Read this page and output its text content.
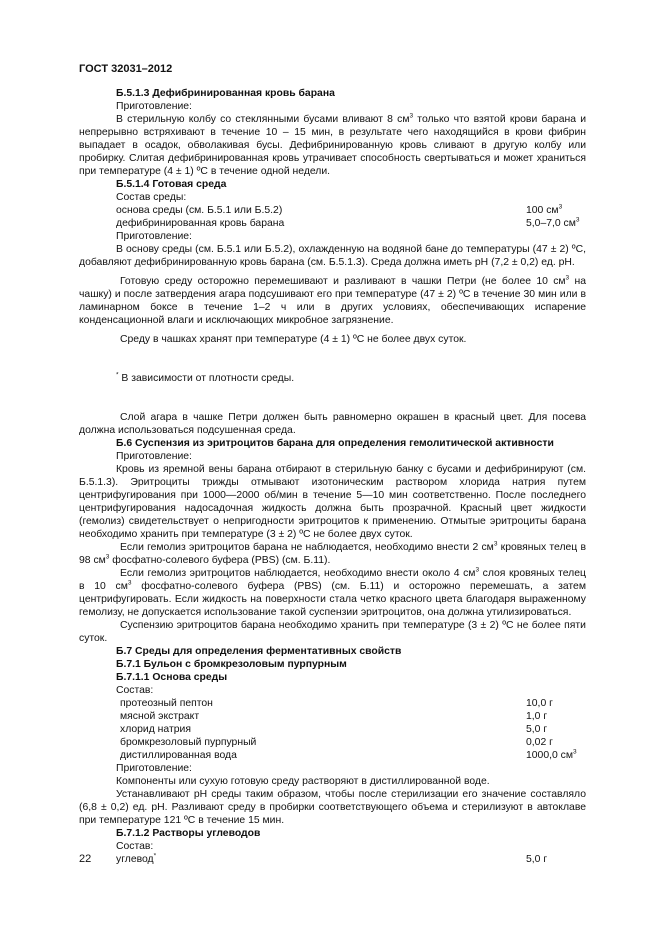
ГОСТ 32031–2012

Б.5.1.3 Дефибринированная кровь барана

Приготовление:

В стерильную колбу со стеклянными бусами вливают 8 $см^3$ только что взятой крови барана и непрерывно встряхивают в течение 10 – 15 мин, в результате чего находящийся в крови фибрин выпадает в осадок, обволакивая бусы. Дефибринированную кровь сливают в другую колбу или пробирку. Слитая дефибринированная кровь утрачивает способность свертываться и может храниться при температуре (4 ± 1) ºС в течение одной недели.

Б.5.1.4 Готовая среда

Состав среды:

основа среды (см. Б.5.1 или Б.5.2)	100 $см^3$
дефибринированная кровь барана	5,0–7,0 $см^3$

Приготовление:

В основу среды (см. Б.5.1 или Б.5.2), охлажденную на водяной бане до температуры (47 ± 2) ºС, добавляют дефибринированную кровь барана (см. Б.5.1.3). Среда должна иметь рН (7,2 ± 0,2) ед. рН.

Готовую среду осторожно перемешивают и разливают в чашки Петри (не более 10 $см^3$ на чашку) и после затвердения агара подсушивают его при температуре (47 ± 2) ºС в течение 30 мин или в ламинарном боксе в течение 1–2 ч или в других условиях, обеспечивающих испарение конденсационной влаги и исключающих микробное загрязнение.

Среду в чашках хранят при температуре (4 ± 1) ºС не более двух суток.

* В зависимости от плотности среды.

Слой агара в чашке Петри должен быть равномерно окрашен в красный цвет. Для посева должна использоваться подсушенная среда.

Б.6 Суспензия из эритроцитов барана для определения гемолитической активности

Приготовление:

Кровь из яремной вены барана отбирают в стерильную банку с бусами и дефибринируют (см. Б.5.1.3). Эритроциты трижды отмывают изотоническим раствором хлорида натрия путем центрифугирования при 1000—2000 об/мин в течение 5—10 мин соответственно. После последнего центрифугирования надосадочная жидкость должна быть прозрачной. Красный цвет жидкости (гемолиз) свидетельствует о непригодности эритроцитов к применению. Отмытые эритроциты барана необходимо хранить при температуре (3 ± 2) ºС не более двух суток.

Если гемолиз эритроцитов барана не наблюдается, необходимо внести 2 $см^3$ кровяных телец в 98 $см^3$ фосфатно-солевого буфера (PBS) (см. Б.11).

Если гемолиз эритроцитов наблюдается, необходимо внести около 4 $см^3$ слоя кровяных телец в 10 $см^3$ фосфатно-солевого буфера (PBS) (см. Б.11) и осторожно перемешать, а затем центрифугировать. Если жидкость на поверхности стала четко красного цвета благодаря выраженному гемолизу, не допускается использование такой суспензии эритроцитов, она должна утилизироваться.

Суспензию эритроцитов барана необходимо хранить при температуре (3 ± 2) ºС не более пяти суток.

Б.7 Среды для определения ферментативных свойств

Б.7.1 Бульон с бромкрезоловым пурпурным

Б.7.1.1 Основа среды

Состав:

протеозный пептон	10,0 г
мясной экстракт	1,0 г
хлорид натрия	5,0 г
бромкрезоловый пурпурный	0,02 г
дистиллированная вода	1000,0 $см^3$

Приготовление:

Компоненты или сухую готовую среду растворяют в дистиллированной воде.

Устанавливают рН среды таким образом, чтобы после стерилизации его значение составляло (6,8 ± 0,2) ед. рН. Разливают среду в пробирки соответствующего объема и стерилизуют в автоклаве при температуре 121 ºС в течение 15 мин.

Б.7.1.2 Растворы углеводов

Состав:

углевод*	5,0 г
22
